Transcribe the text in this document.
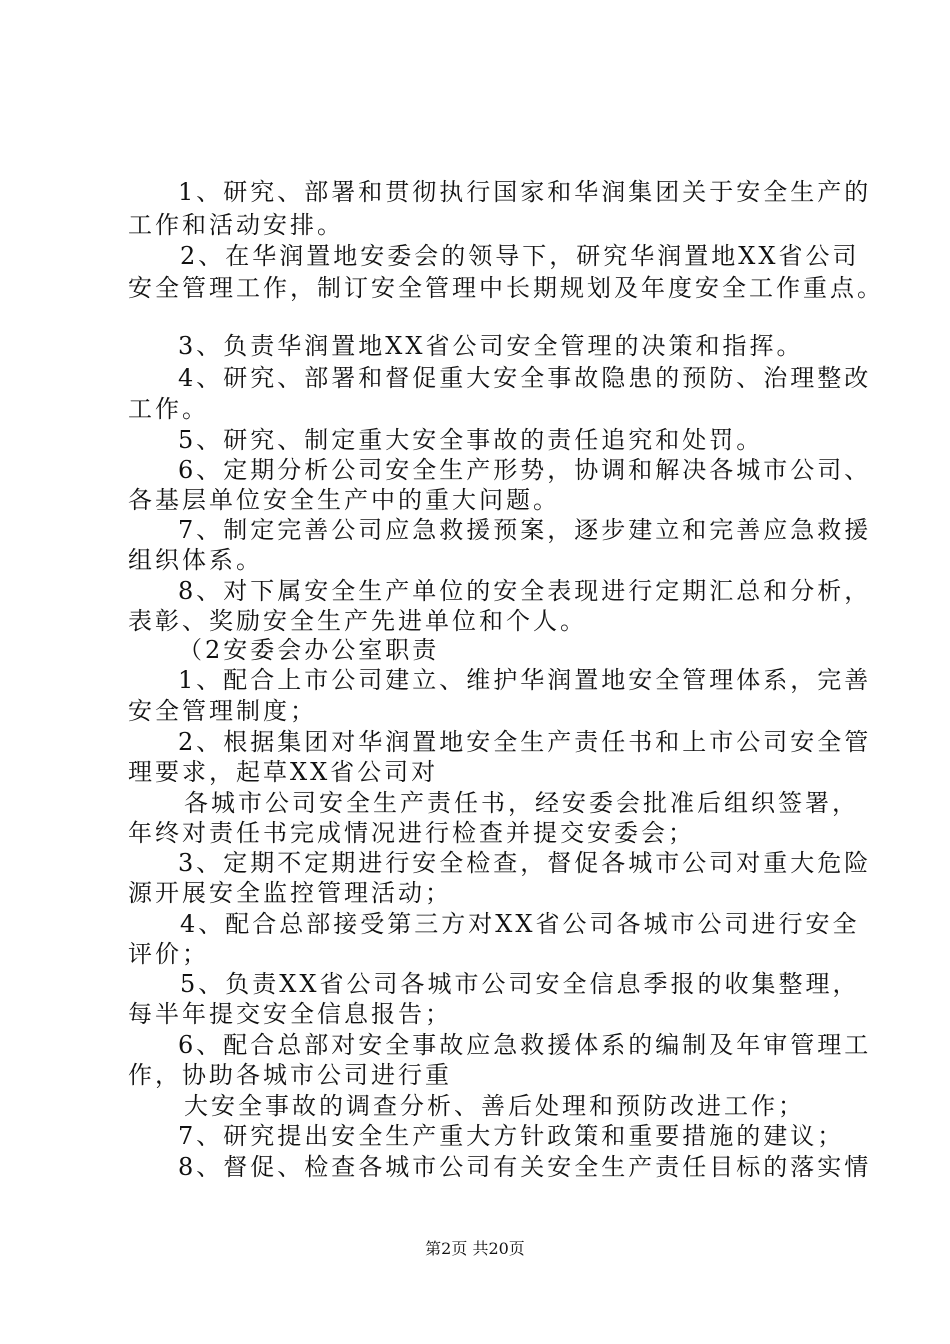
1、研究、部署和贯彻执行国家和华润集团关于安全生产的
工作和活动安排。
2、在华润置地安委会的领导下，研究华润置地XX省公司
安全管理工作，制订安全管理中长期规划及年度安全工作重点。
3、负责华润置地XX省公司安全管理的决策和指挥。
4、研究、部署和督促重大安全事故隐患的预防、治理整改
工作。
5、研究、制定重大安全事故的责任追究和处罚。
6、定期分析公司安全生产形势，协调和解决各城市公司、
各基层单位安全生产中的重大问题。
7、制定完善公司应急救援预案，逐步建立和完善应急救援
组织体系。
8、对下属安全生产单位的安全表现进行定期汇总和分析，
表彰、奖励安全生产先进单位和个人。
（2安委会办公室职责
1、配合上市公司建立、维护华润置地安全管理体系，完善
安全管理制度；
2、根据集团对华润置地安全生产责任书和上市公司安全管
理要求，起草XX省公司对
各城市公司安全生产责任书，经安委会批准后组织签署，
年终对责任书完成情况进行检查并提交安委会；
3、定期不定期进行安全检查，督促各城市公司对重大危险
源开展安全监控管理活动；
4、配合总部接受第三方对XX省公司各城市公司进行安全
评价；
5、负责XX省公司各城市公司安全信息季报的收集整理，
每半年提交安全信息报告；
6、配合总部对安全事故应急救援体系的编制及年审管理工
作，协助各城市公司进行重
大安全事故的调查分析、善后处理和预防改进工作；
7、研究提出安全生产重大方针政策和重要措施的建议；
8、督促、检查各城市公司有关安全生产责任目标的落实情
第2页 共20页
